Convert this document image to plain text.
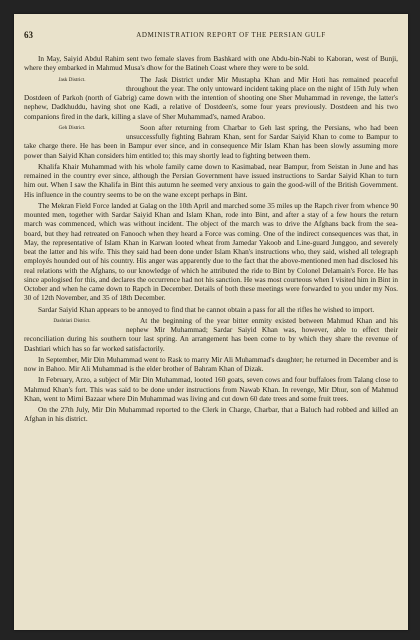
63	ADMINISTRATION REPORT OF THE PERSIAN GULF

In May, Saiyid Abdul Rahim sent two female slaves from Bashkard with one Abdu-bin-Nabi to Kaboran, west of Bunji, where they embarked in Mahmud Musa's dhow for the Batineh Coast where they were to be sold.

Jask District.	The Jask District under Mir Mustapha Khan and Mir Hoti has remained peaceful throughout the year. The only untoward incident taking place on the night of 15th July when Dostdeen of Parkoh (north of Gabrig) came down with the intention of shooting one Sher Muhammad in revenge, the latter's nephew, Dadkhuddu, having shot one Kadi, a relative of Dostdeen's, some four years previously. Dostdeen and his two companions fired in the dark, killing a slave of Sher Muhammad's, named Araboo.

Geh District.	Soon after returning from Charbar to Geh last spring, the Persians, who had been unsuccessfully fighting Bahram Khan, sent for Sardar Saiyid Khan to come to Bampur to take charge there. He has been in Bampur ever since, and in consequence Mir Islam Khan has been slowly assuming more power than Saiyid Khan considers him entitled to; this may shortly lead to fighting between them.

Khalifa Khair Muhammad with his whole family came down to Kasimabad, near Bampur, from Seistan in June and has remained in the country ever since, although the Persian Government have issued instructions to Sardar Saiyid Khan to turn him out. When I saw the Khalifa in Bint this autumn he seemed very anxious to gain the good-will of the British Government. His influence in the country seems to be on the wane except perhaps in Bint.

The Mekran Field Force landed at Galag on the 10th April and marched some 35 miles up the Rapch river from whence 90 mounted men, together with Sardar Saiyid Khan and Islam Khan, rode into Bint, and after a stay of a few hours the return march was commenced, which was without incident. The object of the march was to drive the Afghans back from the sea-board, but they had retreated on Fanooch when they heard a Force was coming. One of the indirect consequences was that, in May, the representative of Islam Khan in Karwan looted wheat from Jamedar Yakoob and Line-guard Junggoo, and severely beat the latter and his wife. This they said had been done under Islam Khan's instructions who, they said, wished all telegraph employés hounded out of his country. His anger was apparently due to the fact that the above-mentioned men had disclosed his real relations with the Afghans, to our knowledge of which he attributed the ride to Bint by Colonel Delamain's Force. He has since apologised for this, and declares the occurrence had not his sanction. He was most courteous when I visited him in Bint in October and when he came down to Rapch in December. Details of both these meetings were forwarded to you under my Nos. 30 of 12th November, and 35 of 18th December.

Sardar Saiyid Khan appears to be annoyed to find that he cannot obtain a pass for all the rifles he wished to import.

Dashtiari District.	At the beginning of the year bitter enmity existed between Mahmud Khan and his nephew Mir Muhammad; Sardar Saiyid Khan was, however, able to effect their reconciliation during his southern tour last spring. An arrangement has been come to by which they share the revenue of Dashtiari which has so far worked satisfactorily.

In September, Mir Din Muhammad went to Rask to marry Mir Ali Muhammad's daughter; he returned in December and is now in Bahoo. Mir Ali Muhammad is the elder brother of Bahram Khan of Dizak.

In February, Arzo, a subject of Mir Din Muhammad, looted 160 goats, seven cows and four buffaloes from Talang close to Mahmud Khan's fort. This was said to be done under instructions from Nawab Khan. In revenge, Mir Dhur, son of Mahmud Khan, went to Mirni Bazaar where Din Muhammad was living and cut down 60 date trees and some fruit trees.

On the 27th July, Mir Din Muhammad reported to the Clerk in Charge, Charbar, that a Baluch had robbed and killed an Afghan in his district.
